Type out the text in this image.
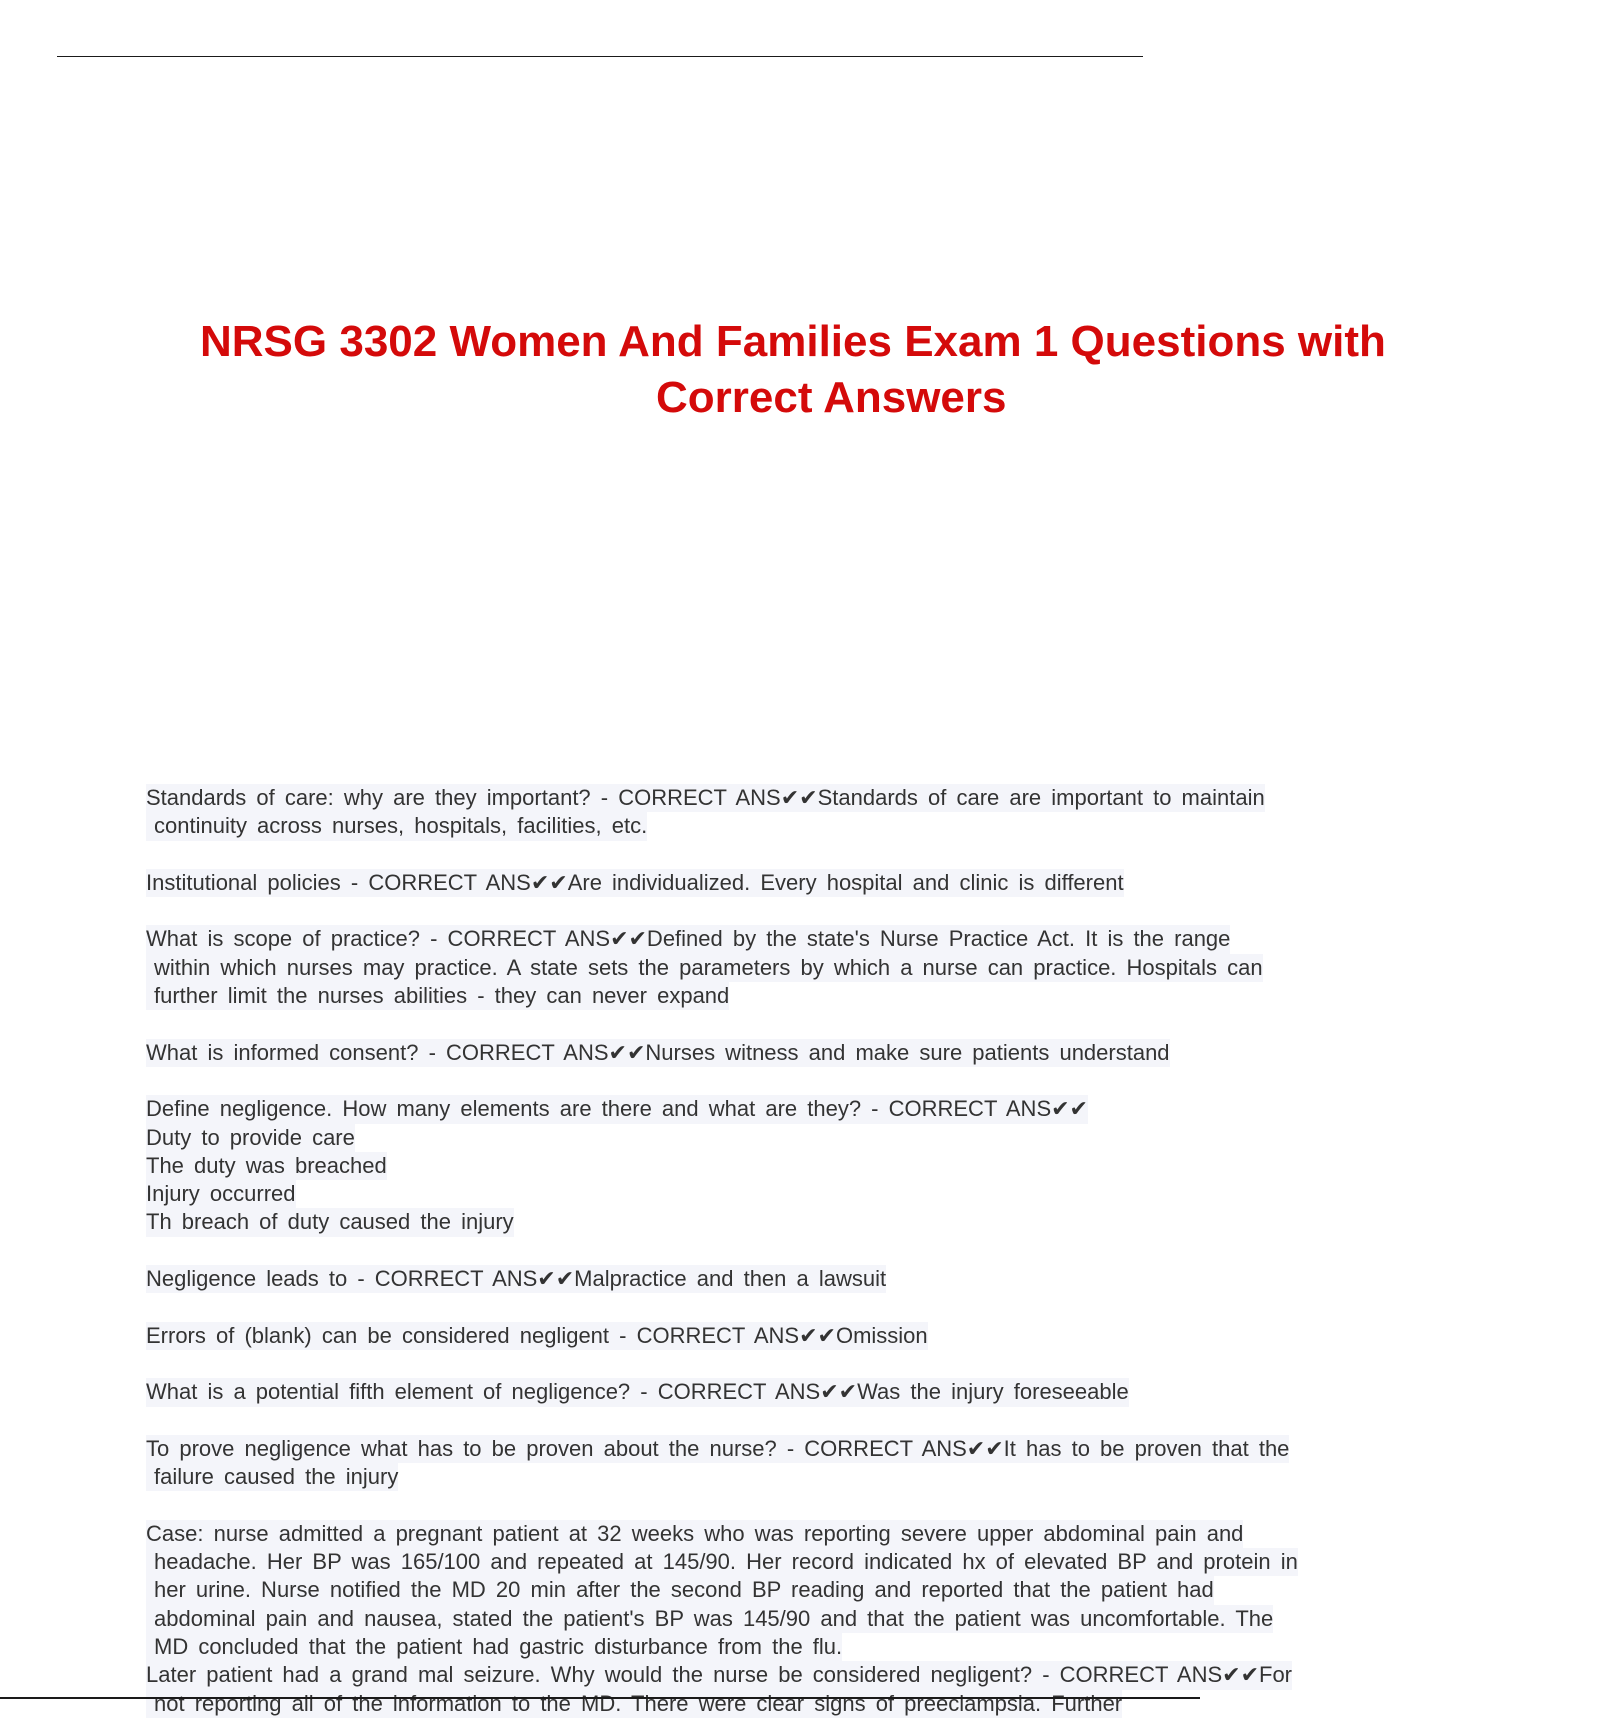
NRSG 3302 Women And Families Exam 1 Questions with
Correct Answers
Standards of care: why are they important? - CORRECT ANS✔✔Standards of care are important to maintain
continuity across nurses, hospitals, facilities, etc.
Institutional policies - CORRECT ANS✔✔Are individualized. Every hospital and clinic is different
What is scope of practice? - CORRECT ANS✔✔Defined by the state's Nurse Practice Act. It is the range
within which nurses may practice. A state sets the parameters by which a nurse can practice. Hospitals can
further limit the nurses abilities - they can never expand
What is informed consent? - CORRECT ANS✔✔Nurses witness and make sure patients understand
Define negligence. How many elements are there and what are they? - CORRECT ANS✔✔
Duty to provide care
The duty was breached
Injury occurred
Th breach of duty caused the injury
Negligence leads to - CORRECT ANS✔✔Malpractice and then a lawsuit
Errors of (blank) can be considered negligent - CORRECT ANS✔✔Omission
What is a potential fifth element of negligence? - CORRECT ANS✔✔Was the injury foreseeable
To prove negligence what has to be proven about the nurse? - CORRECT ANS✔✔It has to be proven that the
failure caused the injury
Case: nurse admitted a pregnant patient at 32 weeks who was reporting severe upper abdominal pain and
headache. Her BP was 165/100 and repeated at 145/90. Her record indicated hx of elevated BP and protein in
her urine. Nurse notified the MD 20 min after the second BP reading and reported that the patient had
abdominal pain and nausea, stated the patient's BP was 145/90 and that the patient was uncomfortable. The
MD concluded that the patient had gastric disturbance from the flu.
Later patient had a grand mal seizure. Why would the nurse be considered negligent? - CORRECT ANS✔✔For
not reporting all of the information to the MD. There were clear signs of preeclampsia. Further
